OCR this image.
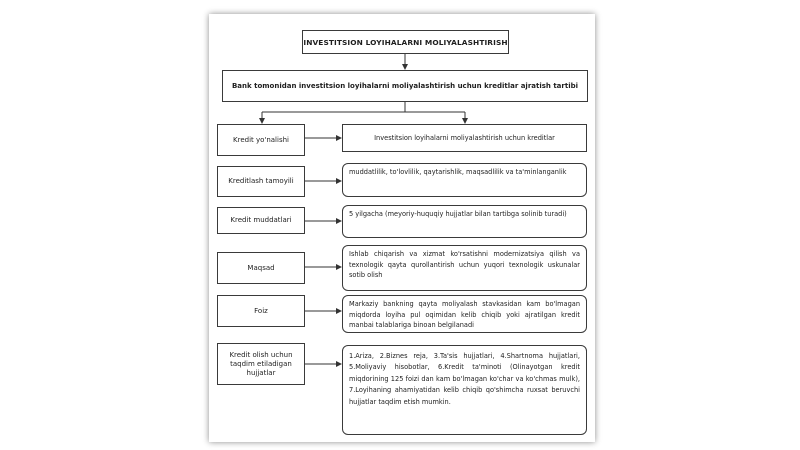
INVESTITSION LOYIHALARNI MOLIYALASHTIRISH
Bank tomonidan investitsion loyihalarni moliyalashtirish uchun kreditlar ajratish tartibi
Kredit yo'nalishi	Investitsion loyihalarni moliyalashtirish uchun kreditlar
Kreditlash tamoyili
muddatlilik, to'lovlilik, qaytarishlik, maqsadlilik va ta'minlanganlik
Kredit muddatlari
5 yilgacha (meyoriy-huquqiy hujjatlar bilan tartibga solinib turadi)
Maqsad
Ishlab chiqarish va xizmat ko'rsatishni modernizatsiya qilish va texnologik qayta qurollantirish uchun yuqori texnologik uskunalar sotib olish
Foiz
Markaziy bankning qayta moliyalash stavkasidan kam bo'lmagan miqdorda loyiha pul oqimidan kelib chiqib yoki ajratilgan kredit manbai talablariga binoan belgilanadi
Kredit olish uchun taqdim etiladigan hujjatlar
1.Ariza, 2.Biznes reja, 3.Ta'sis hujjatlari, 4.Shartnoma hujjatlari, 5.Moliyaviy hisobotlar, 6.Kredit ta'minoti (Olinayotgan kredit miqdorining 125 foizi dan kam bo'lmagan ko'char va ko'chmas mulk), 7.Loyihaning ahamiyatidan kelib chiqib qo'shimcha ruxsat beruvchi hujjatlar taqdim etish mumkin.
